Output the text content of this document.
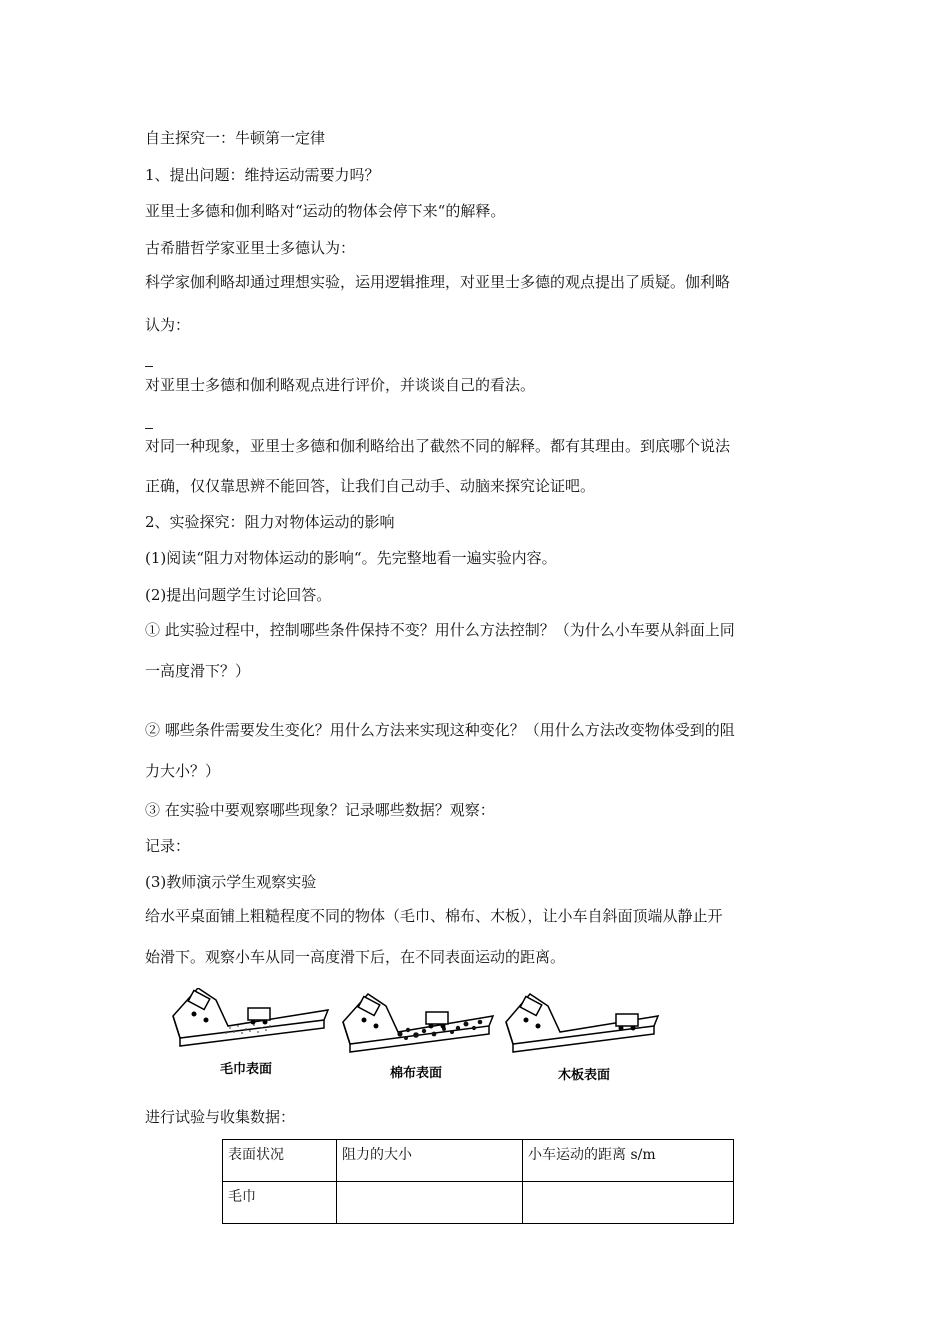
自主探究一：牛顿第一定律
1、提出问题：维持运动需要力吗？
亚里士多德和伽利略对“运动的物体会停下来“的解释。
古希腊哲学家亚里士多德认为：
科学家伽利略却通过理想实验，运用逻辑推理，对亚里士多德的观点提出了质疑。伽利略
认为：
对亚里士多德和伽利略观点进行评价，并谈谈自己的看法。
对同一种现象，亚里士多德和伽利略给出了截然不同的解释。都有其理由。到底哪个说法
正确，仅仅靠思辨不能回答，让我们自己动手、动脑来探究论证吧。
2、实验探究：阻力对物体运动的影响
(1)阅读“阻力对物体运动的影响“。先完整地看一遍实验内容。
(2)提出问题学生讨论回答。
① 此实验过程中，控制哪些条件保持不变？用什么方法控制？（为什么小车要从斜面上同
一高度滑下？）
② 哪些条件需要发生变化？用什么方法来实现这种变化？（用什么方法改变物体受到的阻
力大小？）
③ 在实验中要观察哪些现象？记录哪些数据？观察：
记录：
(3)教师演示学生观察实验
给水平桌面铺上粗糙程度不同的物体（毛巾、棉布、木板），让小车自斜面顶端从静止开
始滑下。观察小车从同一高度滑下后，在不同表面运动的距离。
毛巾表面	棉布表面	木板表面
进行试验与收集数据：
表面状况	阻力的大小	小车运动的距离 s/m
毛巾		
